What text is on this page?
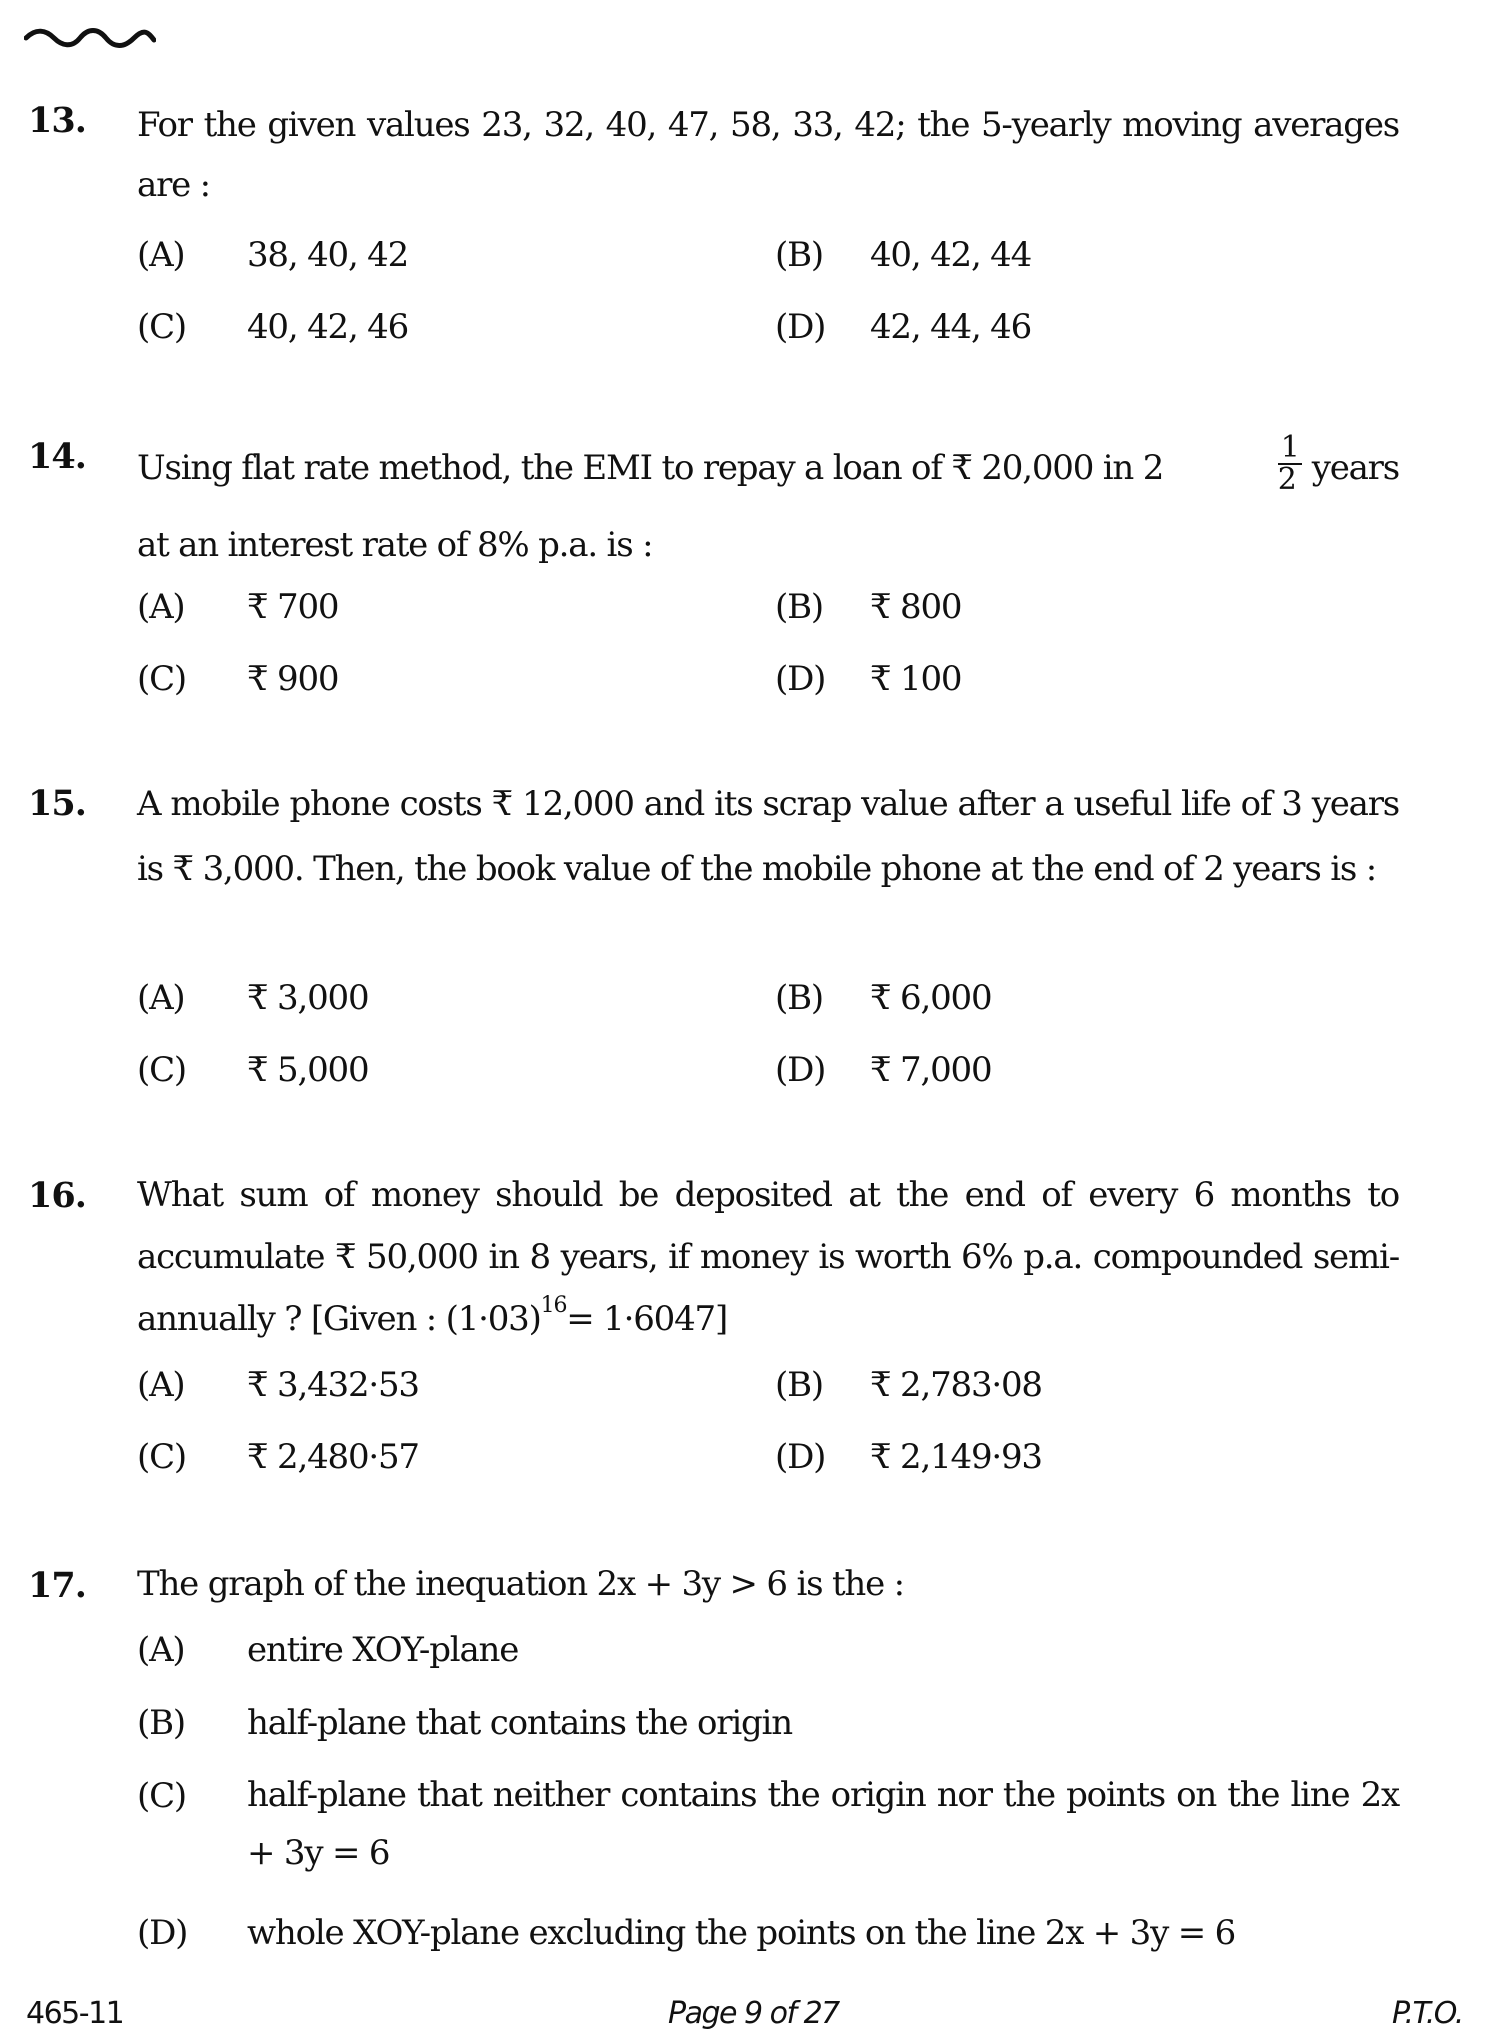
13. For the given values 23, 32, 40, 47, 58, 33, 42; the 5-yearly moving averages are :
(A) 38, 40, 42	(B) 40, 42, 44
(C) 40, 42, 46	(D) 42, 44, 46
14. Using flat rate method, the EMI to repay a loan of ₹ 20,000 in 2	$\frac{1}{2}$ years
at an interest rate of 8% p.a. is :
(A) ₹ 700	(B) ₹ 800
(C) ₹ 900	(D) ₹ 100
15. A mobile phone costs ₹ 12,000 and its scrap value after a useful life of 3 years is ₹ 3,000. Then, the book value of the mobile phone at the end of 2 years is :
(A) ₹ 3,000	(B) ₹ 6,000
(C) ₹ 5,000	(D) ₹ 7,000
16. What sum of money should be deposited at the end of every 6 months to accumulate ₹ 50,000 in 8 years, if money is worth 6% p.a. compounded semi-annually ? [Given : $(1\cdot 03)^{16}= 1\cdot 6047$]
(A) ₹ 3,432·53	(B) ₹ 2,783·08
(C) ₹ 2,480·57	(D) ₹ 2,149·93
17. The graph of the inequation 2x + 3y > 6 is the :
(A) entire XOY-plane
(B) half-plane that contains the origin
(C) half-plane that neither contains the origin nor the points on the line 2x + 3y = 6
(D) whole XOY-plane excluding the points on the line 2x + 3y = 6
465-11	Page 9 of 27	P.T.O.
